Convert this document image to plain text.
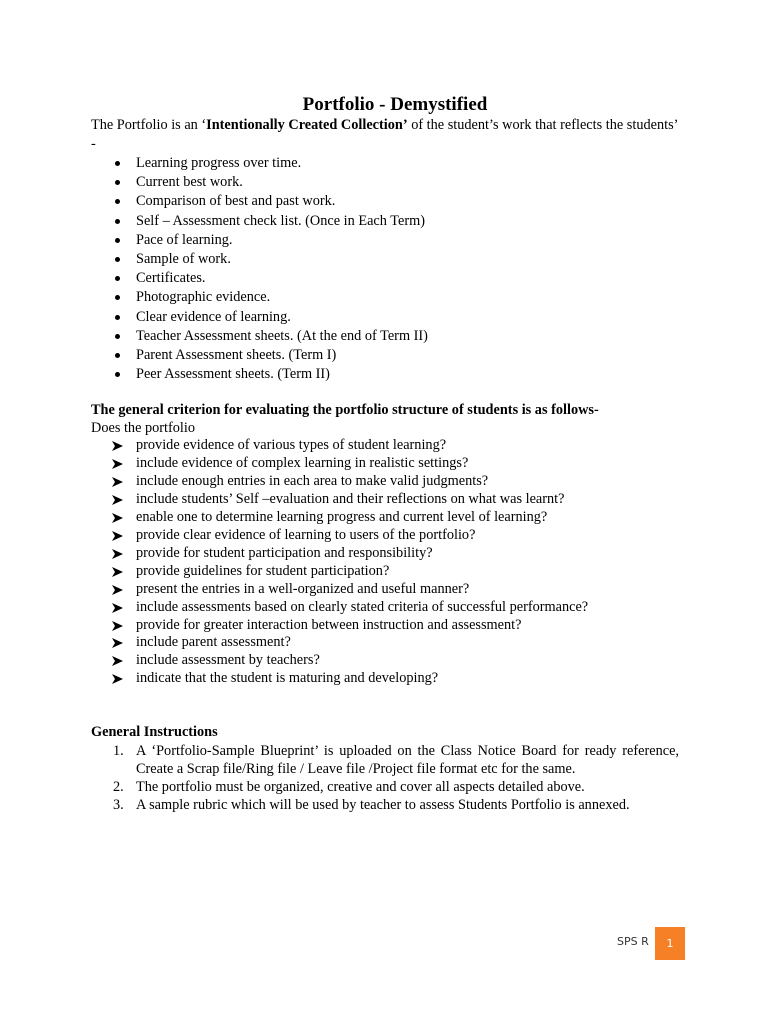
Portfolio - Demystified

The Portfolio is an ‘Intentionally Created Collection’ of the student’s work that reflects the students’ -

Learning progress over time.
Current best work.
Comparison of best and past work.
Self – Assessment check list. (Once in Each Term)
Pace of learning.
Sample of work.
Certificates.
Photographic evidence.
Clear evidence of learning.
Teacher Assessment sheets. (At the end of Term II)
Parent Assessment sheets. (Term I)
Peer Assessment sheets. (Term II)

The general criterion for evaluating the portfolio structure of students is as follows-

Does the portfolio

provide evidence of various types of student learning?
include evidence of complex learning in realistic settings?
include enough entries in each area to make valid judgments?
include students’ Self –evaluation and their reflections on what was learnt?
enable one to determine learning progress and current level of learning?
provide clear evidence of learning to users of the portfolio?
provide for student participation and responsibility?
provide guidelines for student participation?
present the entries in a well-organized and useful manner?
include assessments based on clearly stated criteria of successful performance?
provide for greater interaction between instruction and assessment?
include parent assessment?
include assessment by teachers?
indicate that the student is maturing and developing?

General Instructions

1. A ‘Portfolio-Sample Blueprint’ is uploaded on the Class Notice Board for ready reference, Create a Scrap file/Ring file / Leave file /Project file format etc for the same.
2. The portfolio must be organized, creative and cover all aspects detailed above.
3. A sample rubric which will be used by teacher to assess Students Portfolio is annexed.
SPS R	1
